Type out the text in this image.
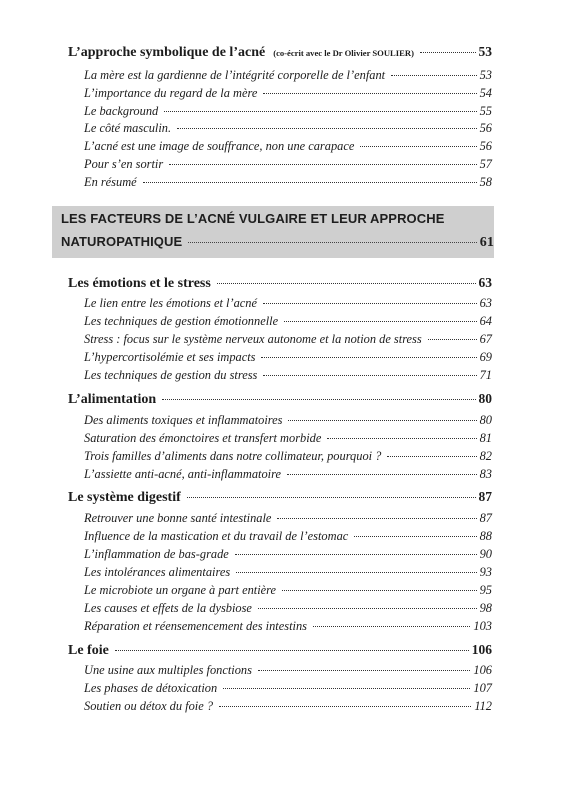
L’approche symbolique de l’acné (co-écrit avec le Dr Olivier SOULIER)	53
La mère est la gardienne de l’intégrité corporelle de l’enfant	53
L’importance du regard de la mère	54
Le background	55
Le côté masculin.	56
L’acné est une image de souffrance, non une carapace	56
Pour s’en sortir	57
En résumé	58
LES FACTEURS DE L’ACNÉ VULGAIRE ET LEUR APPROCHE
NATUROPATHIQUE	61
Les émotions et le stress	63
Le lien entre les émotions et l’acné	63
Les techniques de gestion émotionnelle	64
Stress : focus sur le système nerveux autonome et la notion de stress	67
L’hypercortisolémie et ses impacts	69
Les techniques de gestion du stress	71
L’alimentation	80
Des aliments toxiques et inflammatoires	80
Saturation des émonctoires et transfert morbide	81
Trois familles d’aliments dans notre collimateur, pourquoi ?	82
L’assiette anti-acné, anti-inflammatoire	83
Le système digestif	87
Retrouver une bonne santé intestinale	87
Influence de la mastication et du travail de l’estomac	88
L’inflammation de bas-grade	90
Les intolérances alimentaires	93
Le microbiote un organe à part entière	95
Les causes et effets de la dysbiose	98
Réparation et réensemencement des intestins	103
Le foie	106
Une usine aux multiples fonctions	106
Les phases de détoxication	107
Soutien ou détox du foie ?	112
